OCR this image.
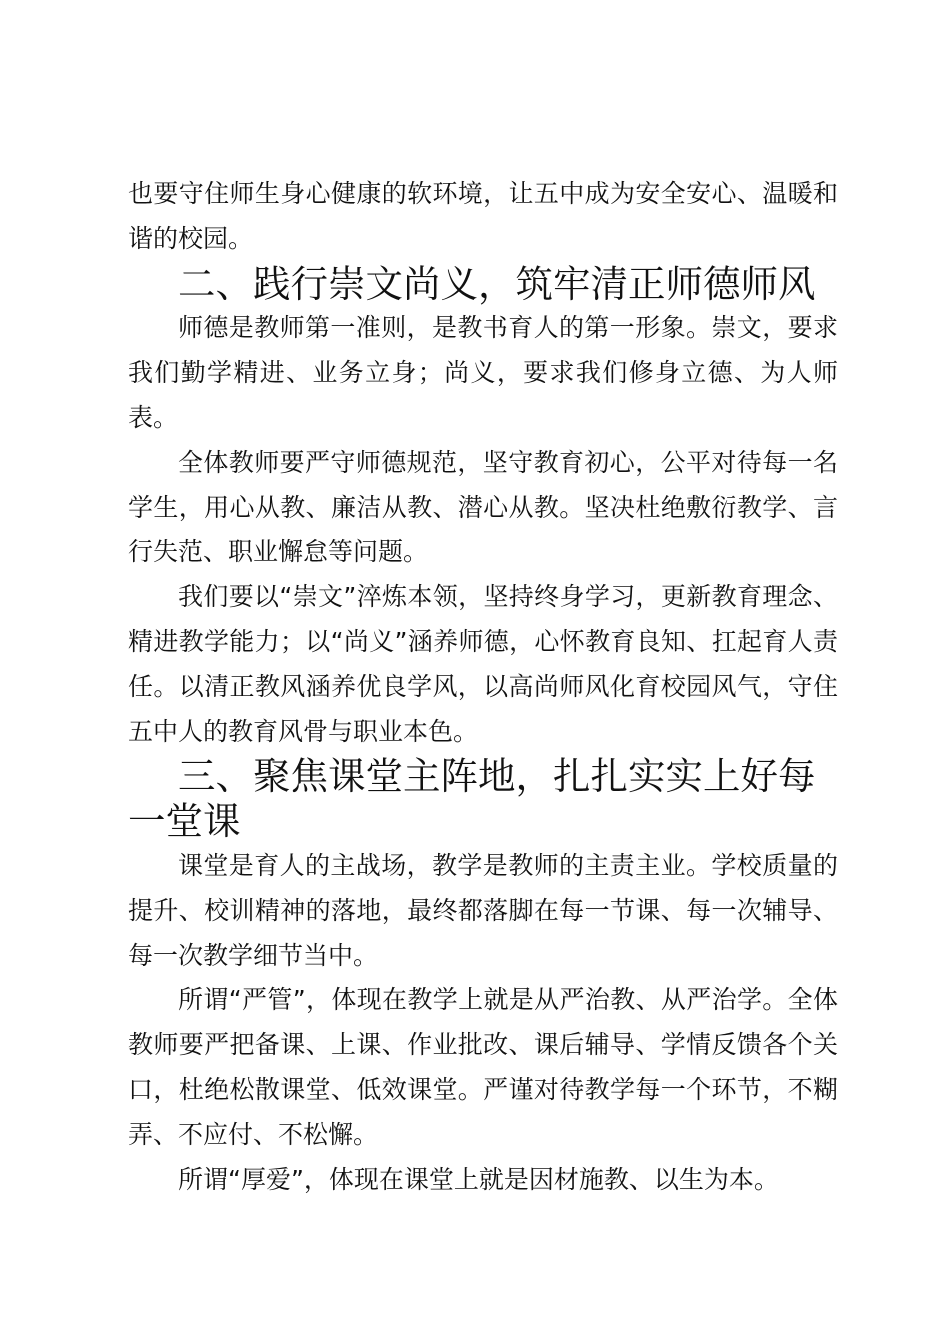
也要守住师生身心健康的软环境，让五中成为安全安心、温暖和谐的校园。

二、践行崇文尚义，筑牢清正师德师风

师德是教师第一准则，是教书育人的第一形象。崇文，要求我们勤学精进、业务立身；尚义，要求我们修身立德、为人师表。

全体教师要严守师德规范，坚守教育初心，公平对待每一名学生，用心从教、廉洁从教、潜心从教。坚决杜绝敷衍教学、言行失范、职业懈怠等问题。

我们要以“崇文”淬炼本领，坚持终身学习，更新教育理念、精进教学能力；以“尚义”涵养师德，心怀教育良知、扛起育人责任。以清正教风涵养优良学风，以高尚师风化育校园风气，守住五中人的教育风骨与职业本色。

三、聚焦课堂主阵地，扎扎实实上好每一堂课

课堂是育人的主战场，教学是教师的主责主业。学校质量的提升、校训精神的落地，最终都落脚在每一节课、每一次辅导、每一次教学细节当中。

所谓“严管”，体现在教学上就是从严治教、从严治学。全体教师要严把备课、上课、作业批改、课后辅导、学情反馈各个关口，杜绝松散课堂、低效课堂。严谨对待教学每一个环节，不糊弄、不应付、不松懈。

所谓“厚爱”，体现在课堂上就是因材施教、以生为本。
